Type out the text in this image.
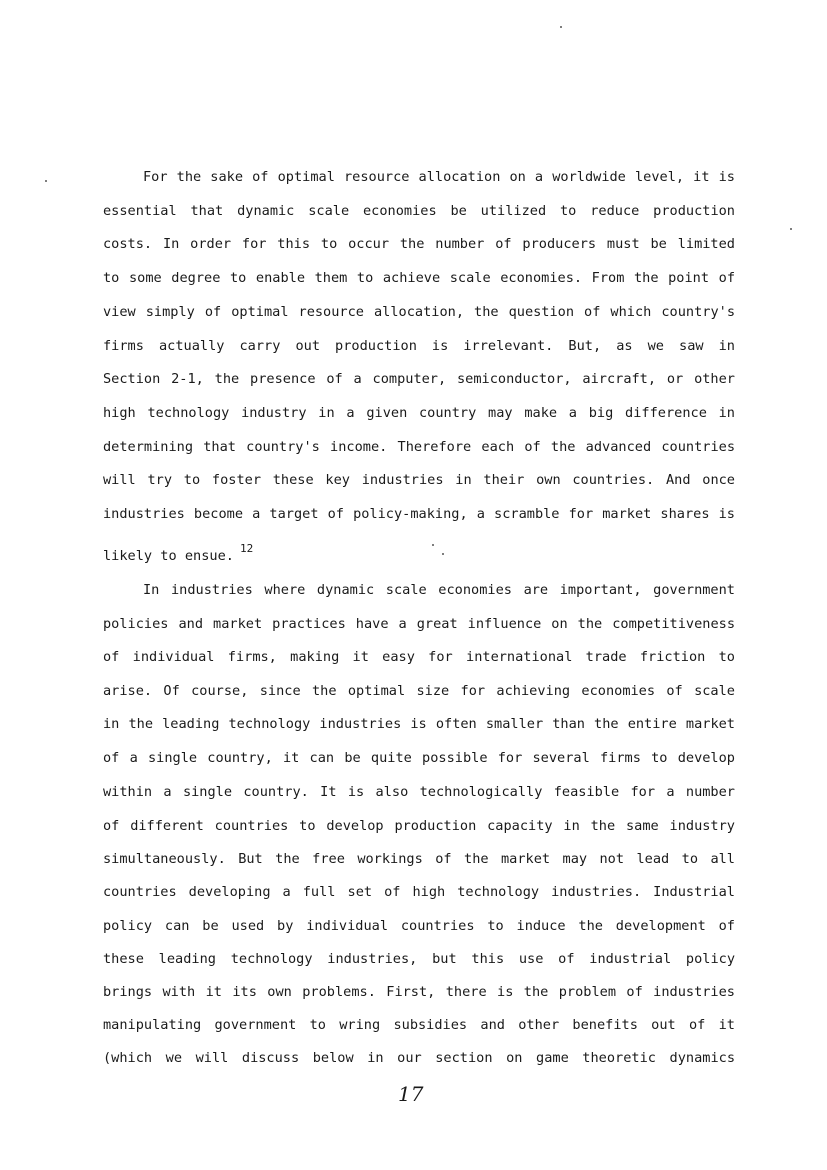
For the sake of optimal resource allocation on a worldwide level, it is
essential that dynamic scale economies be utilized to reduce production
costs. In order for this to occur the number of producers must be limited
to some degree to enable them to achieve scale economies. From the point of
view simply of optimal resource allocation, the question of which country's
firms actually carry out production is irrelevant. But, as we saw in
Section 2-1, the presence of a computer, semiconductor, aircraft, or other
high technology industry in a given country may make a big difference in
determining that country's income. Therefore each of the advanced countries
will try to foster these key industries in their own countries. And once
industries become a target of policy-making, a scramble for market shares is
likely to ensue. $^{12}$
In industries where dynamic scale economies are important, government
policies and market practices have a great influence on the competitiveness
of individual firms, making it easy for international trade friction to
arise. Of course, since the optimal size for achieving economies of scale
in the leading technology industries is often smaller than the entire market
of a single country, it can be quite possible for several firms to develop
within a single country. It is also technologically feasible for a number
of different countries to develop production capacity in the same industry
simultaneously. But the free workings of the market may not lead to all
countries developing a full set of high technology industries. Industrial
policy can be used by individual countries to induce the development of
these leading technology industries, but this use of industrial policy
brings with it its own problems. First, there is the problem of industries
manipulating government to wring subsidies and other benefits out of it
(which we will discuss below in our section on game theoretic dynamics
17
